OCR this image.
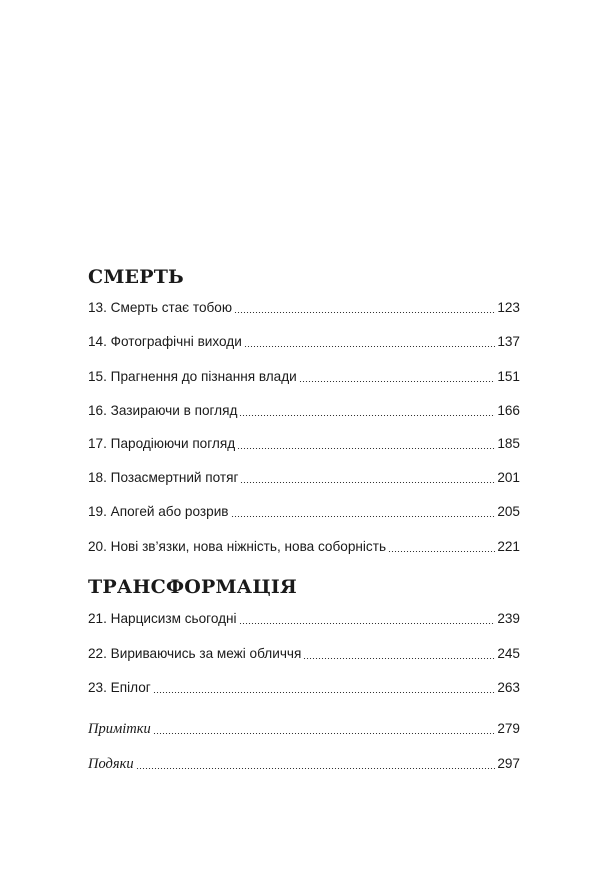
СМЕРТЬ
13. Смерть стає тобою	123
14. Фотографічні виходи	137
15. Прагнення до пізнання влади	151
16. Зазираючи в погляд	166
17. Пародіюючи погляд	185
18. Позасмертний потяг	201
19. Апогей або розрив	205
20. Нові зв’язки, нова ніжність, нова соборність	221
ТРАНСФОРМАЦІЯ
21. Нарцисизм сьогодні	239
22. Вириваючись за межі обличчя	245
23. Епілог	263
Примітки	279
Подяки	297
